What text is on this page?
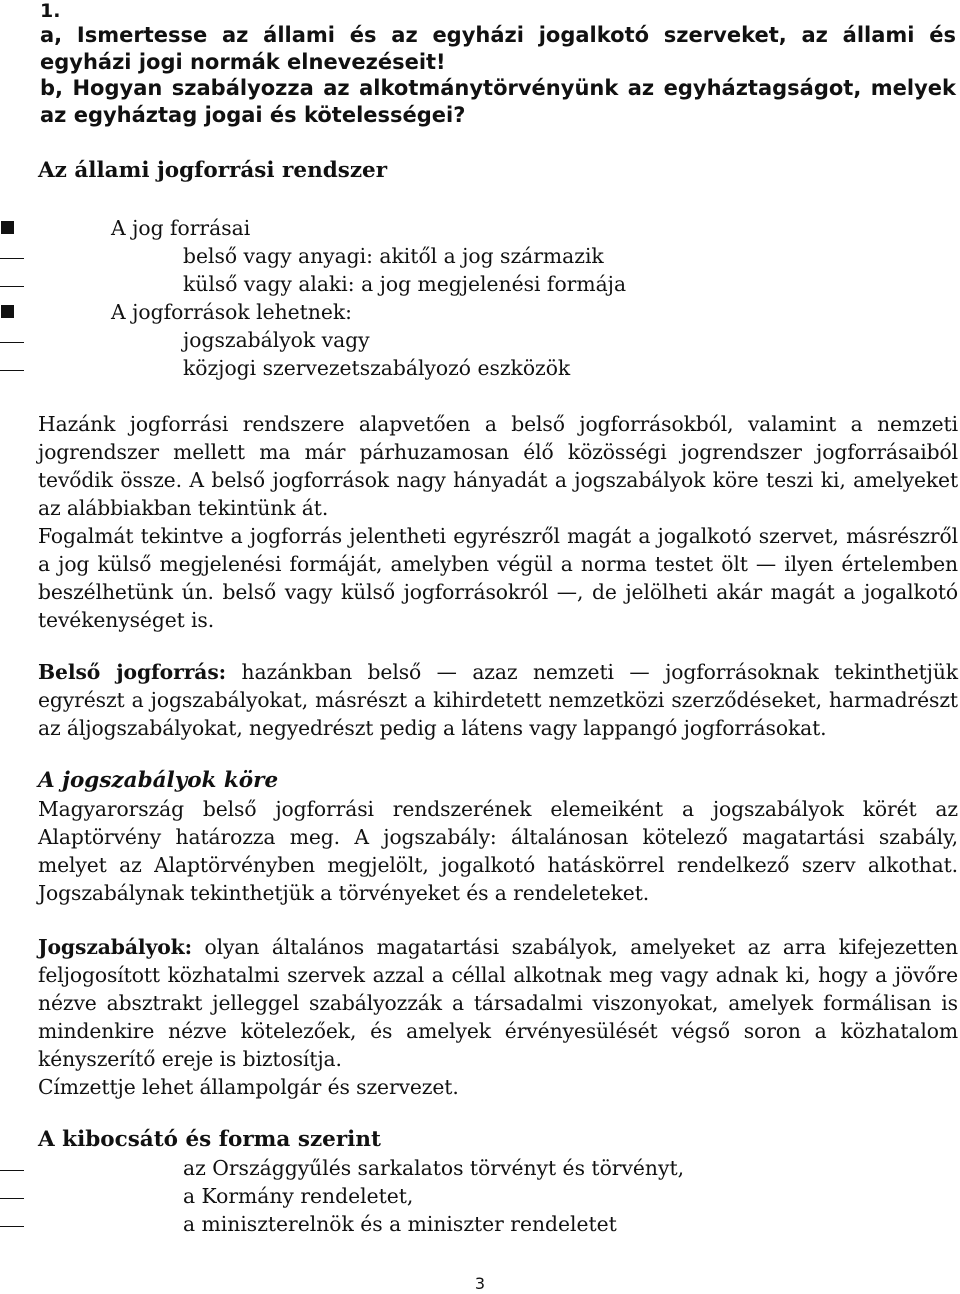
1.
a, Ismertesse az állami és az egyházi jogalkotó szerveket, az állami és egyházi jogi normák elnevezéseit!
b, Hogyan szabályozza az alkotmánytörvényünk az egyháztagságot, melyek az egyháztag jogai és kötelességei?
Az állami jogforrási rendszer
A jog forrásai
belső vagy anyagi: akitől a jog származik
külső vagy alaki: a jog megjelenési formája
A jogforrások lehetnek:
jogszabályok vagy
közjogi szervezetszabályozó eszközök

Hazánk jogforrási rendszere alapvetően a belső jogforrásokból, valamint a nemzeti jogrendszer mellett ma már párhuzamosan élő közösségi jogrendszer jogforrásaiból tevődik össze. A belső jogforrások nagy hányadát a jogszabályok köre teszi ki, amelyeket az alábbiakban tekintünk át.

Fogalmát tekintve a jogforrás jelentheti egyrészről magát a jogalkotó szervet, másrészről a jog külső megjelenési formáját, amelyben végül a norma testet ölt — ilyen értelemben beszélhetünk ún. belső vagy külső jogforrásokról —, de jelölheti akár magát a jogalkotó tevékenységet is.

Belső jogforrás: hazánkban belső — azaz nemzeti — jogforrásoknak tekinthetjük egyrészt a jogszabályokat, másrészt a kihirdetett nemzetközi szerződéseket, harmadrészt az áljogszabályokat, negyedrészt pedig a látens vagy lappangó jogforrásokat.

A jogszabályok köre

Magyarország belső jogforrási rendszerének elemeiként a jogszabályok körét az Alaptörvény határozza meg. A jogszabály: általánosan kötelező magatartási szabály, melyet az Alaptörvényben megjelölt, jogalkotó hatáskörrel rendelkező szerv alkothat. Jogszabálynak tekinthetjük a törvényeket és a rendeleteket.

Jogszabályok: olyan általános magatartási szabályok, amelyeket az arra kifejezetten feljogosított közhatalmi szervek azzal a céllal alkotnak meg vagy adnak ki, hogy a jövőre nézve absztrakt jelleggel szabályozzák a társadalmi viszonyokat, amelyek formálisan is mindenkire nézve kötelezőek, és amelyek érvényesülését végső soron a közhatalom kényszerítő ereje is biztosítja.

Címzettje lehet állampolgár és szervezet.

A kibocsátó és forma szerint
az Országgyűlés sarkalatos törvényt és törvényt,
a Kormány rendeletet,
a miniszterelnök és a miniszter rendeletet
3
